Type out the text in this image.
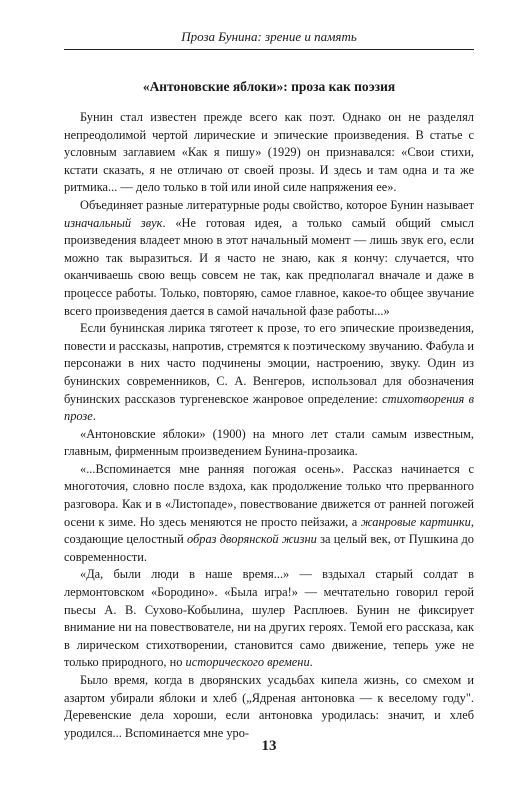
Проза Бунина: зрение и память
«Антоновские яблоки»: проза как поэзия

Бунин стал известен прежде всего как поэт. Однако он не разделял непреодолимой чертой лирические и эпические произведения. В статье с условным заглавием «Как я пишу» (1929) он признавался: «Свои стихи, кстати сказать, я не отличаю от своей прозы. И здесь и там одна и та же ритмика... — дело только в той или иной силе напряжения ее».

Объединяет разные литературные роды свойство, которое Бунин называет изначальный звук. «Не готовая идея, а только самый общий смысл произведения владеет мною в этот начальный момент — лишь звук его, если можно так выразиться. И я часто не знаю, как я кончу: случается, что оканчиваешь свою вещь совсем не так, как предполагал вначале и даже в процессе работы. Только, повторяю, самое главное, какое-то общее звучание всего произведения дается в самой начальной фазе работы...»

Если бунинская лирика тяготеет к прозе, то его эпические произведения, повести и рассказы, напротив, стремятся к поэтическому звучанию. Фабула и персонажи в них часто подчинены эмоции, настроению, звуку. Один из бунинских современников, С. А. Венгеров, использовал для обозначения бунинских рассказов тургеневское жанровое определение: стихотворения в прозе.

«Антоновские яблоки» (1900) на много лет стали самым известным, главным, фирменным произведением Бунина-прозаика.

«...Вспоминается мне ранняя погожая осень». Рассказ начинается с многоточия, словно после вздоха, как продолжение только что прерванного разговора. Как и в «Листопаде», повествование движется от ранней погожей осени к зиме. Но здесь меняются не просто пейзажи, а жанровые картинки, создающие целостный образ дворянской жизни за целый век, от Пушкина до современности.

«Да, были люди в наше время...» — вздыхал старый солдат в лермонтовском «Бородино». «Была игра!» — мечтательно говорил герой пьесы А. В. Сухово-Кобылина, шулер Расплюев. Бунин не фиксирует внимание ни на повествователе, ни на других героях. Темой его рассказа, как в лирическом стихотворении, становится само движение, теперь уже не только природного, но исторического времени.

Было время, когда в дворянских усадьбах кипела жизнь, со смехом и азартом убирали яблоки и хлеб („Ядреная антоновка — к веселому году". Деревенские дела хороши, если антоновка уродилась: значит, и хлеб уродился... Вспоминается мне уро-

13
